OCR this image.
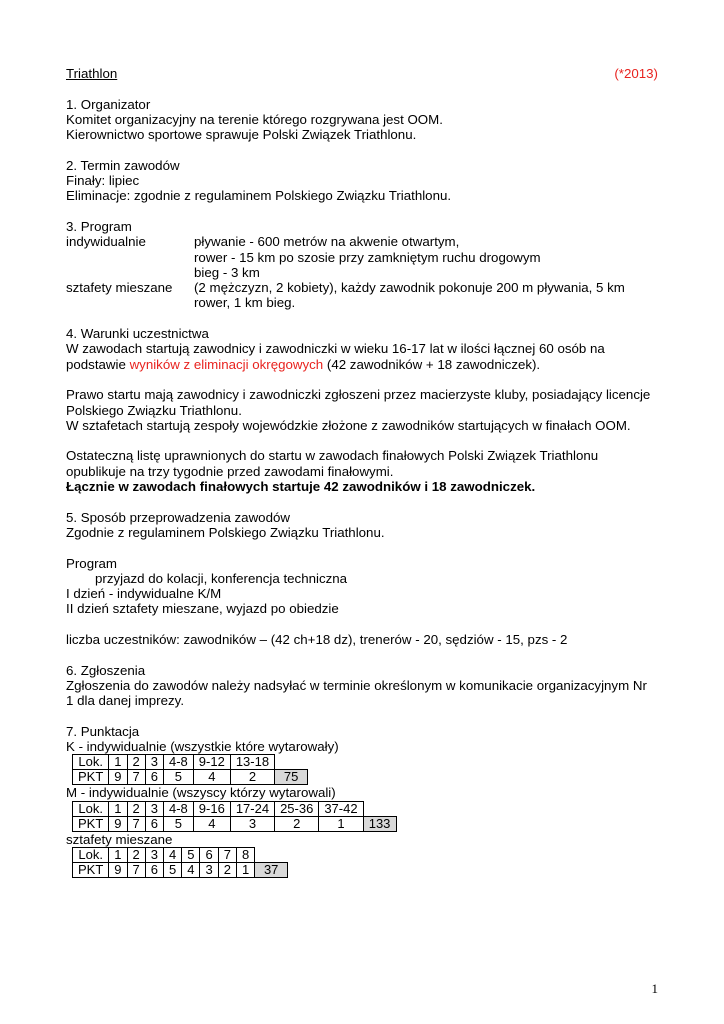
(*2013)
Triathlon
1. Organizator
Komitet organizacyjny na terenie którego rozgrywana jest OOM.
Kierownictwo sportowe sprawuje Polski Związek Triathlonu.
2. Termin zawodów
Finały: lipiec
Eliminacje: zgodnie z regulaminem Polskiego Związku Triathlonu.
3. Program
indywidualnie	pływanie - 600 metrów na akwenie otwartym,
rower - 15 km po szosie przy zamkniętym ruchu drogowym
bieg - 3 km
sztafety mieszane	(2 mężczyzn, 2 kobiety), każdy zawodnik pokonuje 200 m pływania, 5 km
rower, 1 km bieg.
4. Warunki uczestnictwa
W zawodach startują zawodnicy i zawodniczki w wieku 16-17 lat w ilości łącznej 60 osób na
podstawie wyników z eliminacji okręgowych (42 zawodników + 18 zawodniczek).
Prawo startu mają zawodnicy i zawodniczki zgłoszeni przez macierzyste kluby, posiadający licencje
Polskiego Związku Triathlonu.
W sztafetach startują zespoły wojewódzkie złożone z zawodników startujących w finałach OOM.
Ostateczną listę uprawnionych do startu w zawodach finałowych Polski Związek Triathlonu
opublikuje na trzy tygodnie przed zawodami finałowymi.
Łącznie w zawodach finałowych startuje 42 zawodników i 18 zawodniczek.
5. Sposób przeprowadzenia zawodów
Zgodnie z regulaminem Polskiego Związku Triathlonu.
Program
przyjazd do kolacji, konferencja techniczna
I dzień - indywidualne K/M
II dzień sztafety mieszane, wyjazd po obiedzie
liczba uczestników: zawodników – (42 ch+18 dz), trenerów - 20, sędziów - 15, pzs - 2
6. Zgłoszenia
Zgłoszenia do zawodów należy nadsyłać w terminie określonym w komunikacie organizacyjnym Nr
1 dla danej imprezy.
7. Punktacja
K - indywidualnie (wszystkie które wytarowały)
Lok.	1	2	3	4-8	9-12	13-18	
PKT	9	7	6	5	4	2	75
M - indywidualnie (wszyscy którzy wytarowali)
Lok.	1	2	3	4-8	9-16	17-24	25-36	37-42	
PKT	9	7	6	5	4	3	2	1	133
sztafety mieszane
Lok.	1	2	3	4	5	6	7	8	
PKT	9	7	6	5	4	3	2	1	37
1
